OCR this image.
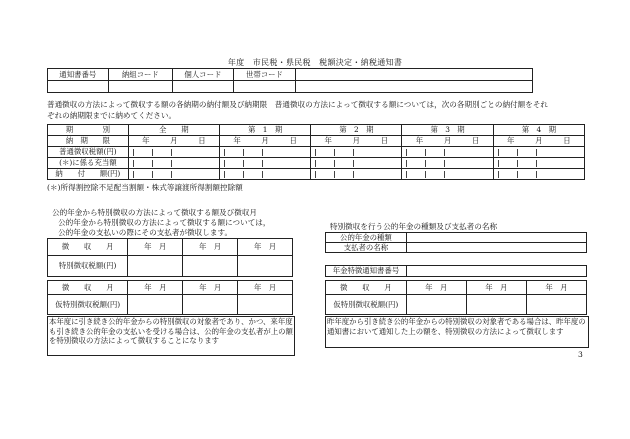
年度　市民税・県民税　税額決定・納税通知書
通知書番号	納組コード	個人コード	世帯コード	

普通徴収の方法によって徴収する額の各納期の納付額及び納期限　普通徴収の方法によって徴収する額については，次の各期別ごとの納付額をそれ
ぞれの納期限までに納めてください。
期　　　　別	全　　期	第　1　期	第　2　期	第　3　期	第　4　期
納　期　　限	年 月 日	年 月 日	年 月 日	年 月 日	年 月 日

普通徴収税額(円)					
(＊)に係る充当額					
納　　付　　額(円)					
(＊)所得割控除不足配当割額・株式等譲渡所得割額控除額
公的年金から特別徴収の方法によって徴収する額及び徴収月
公的年金から特別徴収の方法によって徴収する額については，
公的年金の支払いの際にその支払者が徴収します。
徴　　収　　月	年　月	年　月	年　月
特別徴収税額(円)			
徴　　収　　月	年　月	年　月	年　月
仮特別徴収税額(円)			
本年度に引き続き公的年金からの特別徴収の対象者であり、かつ、来年度も引き続き公的年金の支払いを受ける場合は、公的年金の支払者が上の額を特別徴収の方法によって徴収することになります
特別徴収を行う公的年金の種類及び支払者の名称
公的年金の種類	
支払者の名称	
年金特徴通知書番号	
徴　　収　　月	年　月	年　月	年　月
仮特別徴収税額(円)			
昨年度から引き続き公的年金からの特別徴収の対象者である場合は、昨年度の通知書において通知した上の額を、特別徴収の方法によって徴収します
3
